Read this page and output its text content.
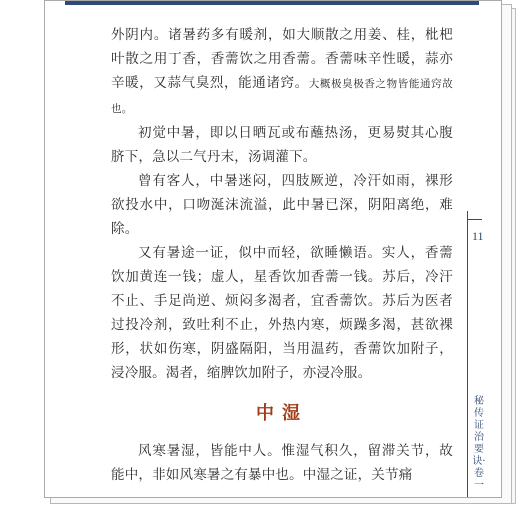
外阴内。诸暑药多有暖剂，如大顺散之用姜、桂，枇杷叶散之用丁香，香薷饮之用香薷。香薷味辛性暖，蒜亦辛暖，又蒜气臭烈，能通诸窍。大概极臭极香之物皆能通窍故也。

初觉中暑，即以日晒瓦或布蘸热汤，更易熨其心腹脐下，急以二气丹末，汤调灌下。

曾有客人，中暑迷闷，四肢厥逆，冷汗如雨，裸形欲投水中，口吻涎沫流溢，此中暑已深，阴阳离绝，难除。

又有暑途一证，似中而轻，欲睡懒语。实人，香薷饮加黄连一钱；虚人，星香饮加香薷一钱。苏后，冷汗不止、手足尚逆、烦闷多渴者，宜香薷饮。苏后为医者过投冷剂，致吐利不止，外热内寒，烦躁多渴，甚欲裸形，状如伤寒，阴盛隔阳，当用温药，香薷饮加附子，浸冷服。渴者，缩脾饮加附子，亦浸冷服。

中湿

风寒暑湿，皆能中人。惟湿气积久，留滞关节，故能中，非如风寒暑之有暴中也。中湿之证，关节痛

11
秘传证治要诀·卷一
